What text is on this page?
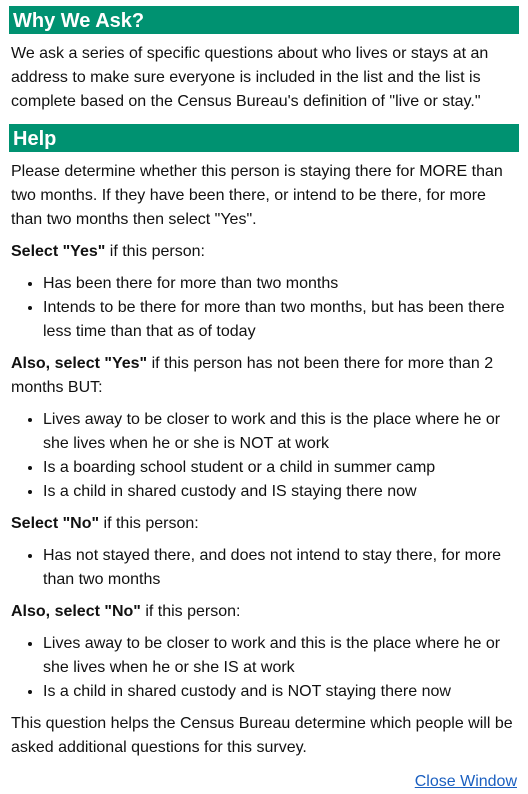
Why We Ask?

We ask a series of specific questions about who lives or stays at an address to make sure everyone is included in the list and the list is complete based on the Census Bureau's definition of "live or stay."

Help

Please determine whether this person is staying there for MORE than two months. If they have been there, or intend to be there, for more than two months then select "Yes".

Select "Yes" if this person:

• Has been there for more than two months
• Intends to be there for more than two months, but has been there less time than that as of today

Also, select "Yes" if this person has not been there for more than 2 months BUT:

• Lives away to be closer to work and this is the place where he or she lives when he or she is NOT at work
• Is a boarding school student or a child in summer camp
• Is a child in shared custody and IS staying there now

Select "No" if this person:

• Has not stayed there, and does not intend to stay there, for more than two months

Also, select "No" if this person:

• Lives away to be closer to work and this is the place where he or she lives when he or she IS at work
• Is a child in shared custody and is NOT staying there now

This question helps the Census Bureau determine which people will be asked additional questions for this survey.

Close Window
